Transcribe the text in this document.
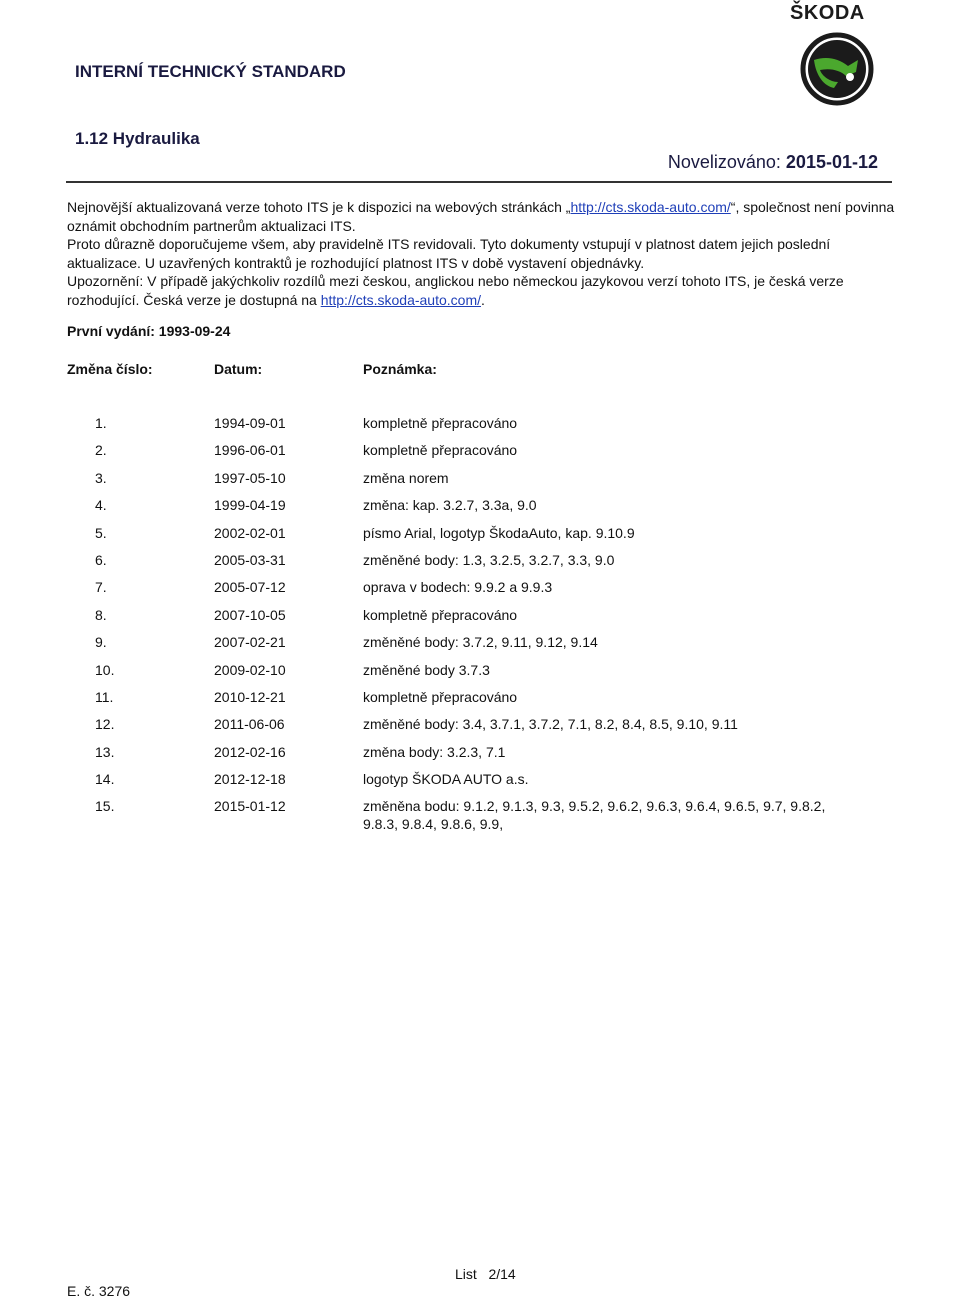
ŠKODA
INTERNÍ TECHNICKÝ STANDARD
1.12 Hydraulika
Novelizováno: 2015-01-12

Nejnovější aktualizovaná verze tohoto ITS je k dispozici na webových stránkách „http://cts.skoda-auto.com/“, společnost není povinna oznámit obchodním partnerům aktualizaci ITS.

Proto důrazně doporučujeme všem, aby pravidelně ITS revidovali. Tyto dokumenty vstupují v platnost datem jejich poslední aktualizace. U uzavřených kontraktů je rozhodující platnost ITS v době vystavení objednávky.

Upozornění: V případě jakýchkoliv rozdílů mezi českou, anglickou nebo německou jazykovou verzí tohoto ITS, je česká verze rozhodující. Česká verze je dostupná na http://cts.skoda-auto.com/.

První vydání: 1993-09-24
Změna číslo:	Datum:	Poznámka:
1.	1994-09-01	kompletně přepracováno
2.	1996-06-01	kompletně přepracováno
3.	1997-05-10	změna norem
4.	1999-04-19	změna: kap. 3.2.7, 3.3a, 9.0
5.	2002-02-01	písmo Arial, logotyp ŠkodaAuto, kap. 9.10.9
6.	2005-03-31	změněné body: 1.3, 3.2.5, 3.2.7, 3.3, 9.0
7.	2005-07-12	oprava v bodech: 9.9.2 a 9.9.3
8.	2007-10-05	kompletně přepracováno
9.	2007-02-21	změněné body: 3.7.2, 9.11, 9.12, 9.14
10.	2009-02-10	změněné body 3.7.3
11.	2010-12-21	kompletně přepracováno
12.	2011-06-06	změněné body: 3.4, 3.7.1, 3.7.2, 7.1, 8.2, 8.4, 8.5, 9.10, 9.11
13.	2012-02-16	změna body: 3.2.3, 7.1
14.	2012-12-18	logotyp ŠKODA AUTO a.s.
15.	2015-01-12	změněna bodu: 9.1.2, 9.1.3, 9.3, 9.5.2, 9.6.2, 9.6.3, 9.6.4, 9.6.5, 9.7, 9.8.2, 9.8.3, 9.8.4, 9.8.6, 9.9,
List   2/14
E. č. 3276
